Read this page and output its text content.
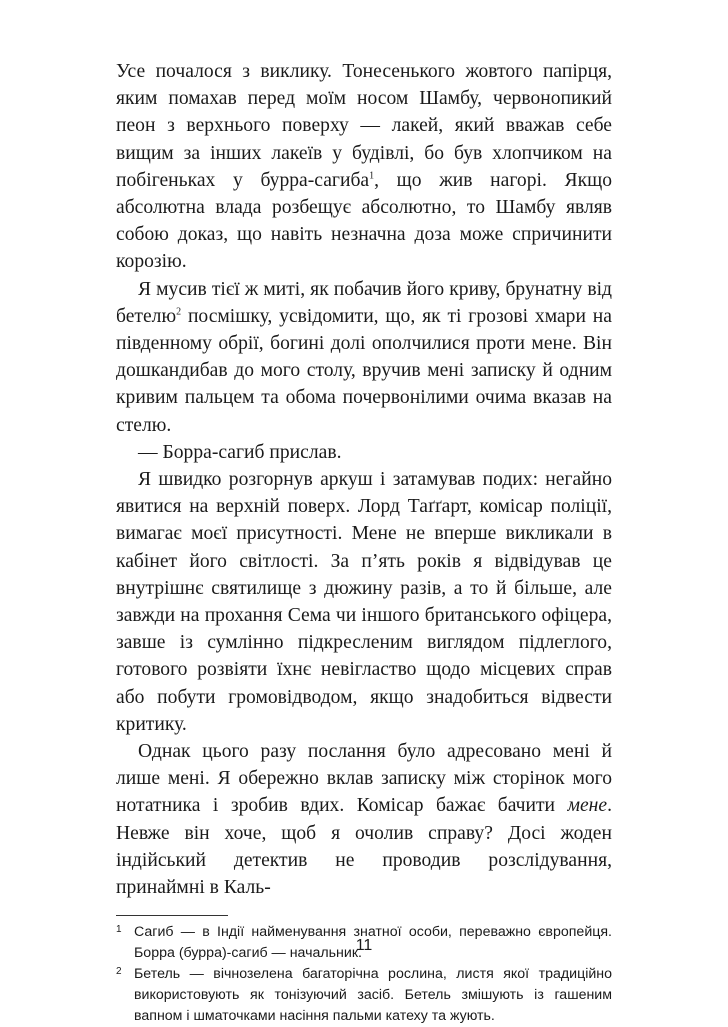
Усе почалося з виклику. Тонесенького жовтого папірця, яким помахав перед моїм носом Шамбу, червонопикий пеон з верхнього поверху — лакей, який вважав себе вищим за інших лакеїв у будівлі, бо був хлопчиком на побігеньках у бурра-сагиба$^1$, що жив нагорі. Якщо абсолютна влада розбещує абсолютно, то Шамбу являв собою доказ, що навіть незначна доза може спричинити корозію.

Я мусив тієї ж миті, як побачив його криву, брунатну від бетелю$^2$ посмішку, усвідомити, що, як ті грозові хмари на південному обрії, богині долі ополчилися проти мене. Він дошкандибав до мого столу, вручив мені записку й одним кривим пальцем та обома почервонілими очима вказав на стелю.

— Борра-сагиб прислав.

Я швидко розгорнув аркуш і затамував подих: негайно явитися на верхній поверх. Лорд Таґґарт, комісар поліції, вимагає моєї присутності. Мене не вперше викликали в кабінет його світлості. За п’ять років я відвідував це внутрішнє святилище з дюжину разів, а то й більше, але завжди на прохання Сема чи іншого британського офіцера, завше із сумлінно підкресленим виглядом підлеглого, готового розвіяти їхнє невігластво щодо місцевих справ або побути громовідводом, якщо знадобиться відвести критику.

Однак цього разу послання було адресовано мені й лише мені. Я обережно вклав записку між сторінок мого нотатника і зробив вдих. Комісар бажає бачити мене. Невже він хоче, щоб я очолив справу? Досі жоден індійський детектив не проводив розслідування, принаймні в Каль-

1 Сагиб — в Індії найменування знатної особи, переважно європейця. Борра (бурра)-сагиб — начальник.

2 Бетель — вічнозелена багаторічна рослина, листя якої традиційно використовують як тонізуючий засіб. Бетель змішують із гашеним вапном і шматочками насіння пальми катеху та жують.

11
